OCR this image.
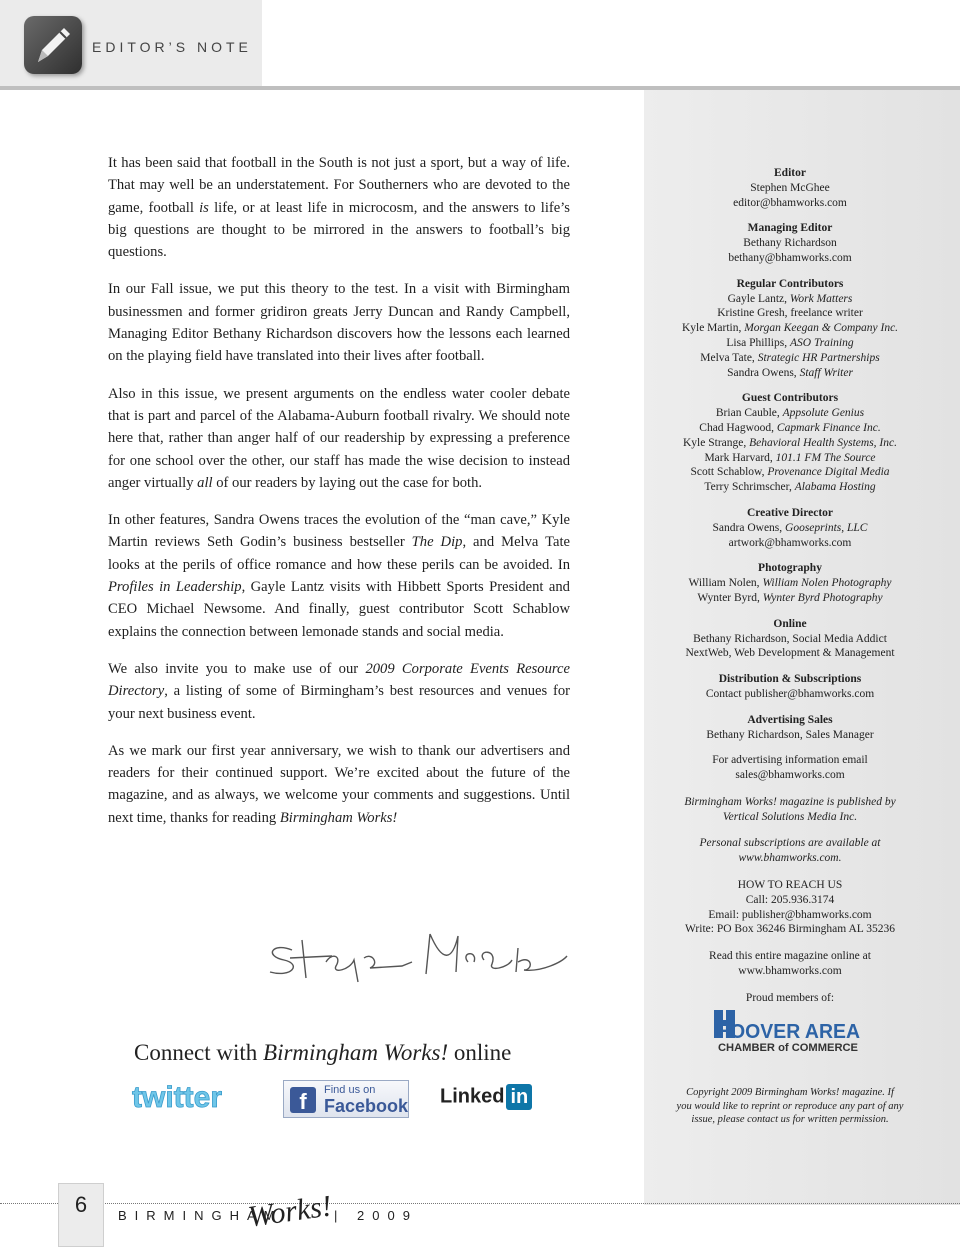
EDITOR’S NOTE

It has been said that football in the South is not just a sport, but a way of life. That may well be an understatement. For Southerners who are devoted to the game, football is life, or at least life in microcosm, and the answers to life’s big questions are thought to be mirrored in the answers to football’s big questions.

In our Fall issue, we put this theory to the test. In a visit with Birmingham businessmen and former gridiron greats Jerry Duncan and Randy Campbell, Managing Editor Bethany Richardson discovers how the lessons each learned on the playing field have translated into their lives after football.

Also in this issue, we present arguments on the endless water cooler debate that is part and parcel of the Alabama-Auburn football rivalry. We should note here that, rather than anger half of our readership by expressing a preference for one school over the other, our staff has made the wise decision to instead anger virtually all of our readers by laying out the case for both.

In other features, Sandra Owens traces the evolution of the “man cave,” Kyle Martin reviews Seth Godin’s business bestseller The Dip, and Melva Tate looks at the perils of office romance and how these perils can be avoided. In Profiles in Leadership, Gayle Lantz visits with Hibbett Sports President and CEO Michael Newsome. And finally, guest contributor Scott Schablow explains the connection between lemonade stands and social media.

We also invite you to make use of our 2009 Corporate Events Resource Directory, a listing of some of Birmingham’s best resources and venues for your next business event.

As we mark our first year anniversary, we wish to thank our advertisers and readers for their continued support. We’re excited about the future of the magazine, and as always, we welcome your comments and suggestions. Until next time, thanks for reading Birmingham Works!

Connect with Birmingham Works! online
twitter	f	Find us on
Facebook Linked in
Editor
Stephen McGhee
editor@bhamworks.com
Managing Editor
Bethany Richardson
bethany@bhamworks.com
Regular Contributors
Gayle Lantz, Work Matters
Kristine Gresh, freelance writer
Kyle Martin, Morgan Keegan & Company Inc.
Lisa Phillips, ASO Training
Melva Tate, Strategic HR Partnerships
Sandra Owens, Staff Writer
Guest Contributors
Brian Cauble, Appsolute Genius
Chad Hagwood, Capmark Finance Inc.
Kyle Strange, Behavioral Health Systems, Inc.
Mark Harvard, 101.1 FM The Source
Scott Schablow, Provenance Digital Media
Terry Schrimscher, Alabama Hosting
Creative Director
Sandra Owens, Gooseprints, LLC
artwork@bhamworks.com
Photography
William Nolen, William Nolen Photography
Wynter Byrd, Wynter Byrd Photography
Online
Bethany Richardson, Social Media Addict
NextWeb, Web Development & Management
Distribution & Subscriptions
Contact publisher@bhamworks.com
Advertising Sales
Bethany Richardson, Sales Manager
For advertising information email
sales@bhamworks.com
Birmingham Works! magazine is published by
Vertical Solutions Media Inc.
Personal subscriptions are available at
www.bhamworks.com.
HOW TO REACH US
Call: 205.936.3174
Email: publisher@bhamworks.com
Write: PO Box 36246 Birmingham AL 35236
Read this entire magazine online at
www.bhamworks.com
Proud members of:
HOOVER AREA
CHAMBER of COMMERCE
Copyright 2009 Birmingham Works! magazine. If
you would like to reprint or reproduce any part of any
issue, please contact us for written permission.
6	BIRMINGHAM
Works! | 2009
